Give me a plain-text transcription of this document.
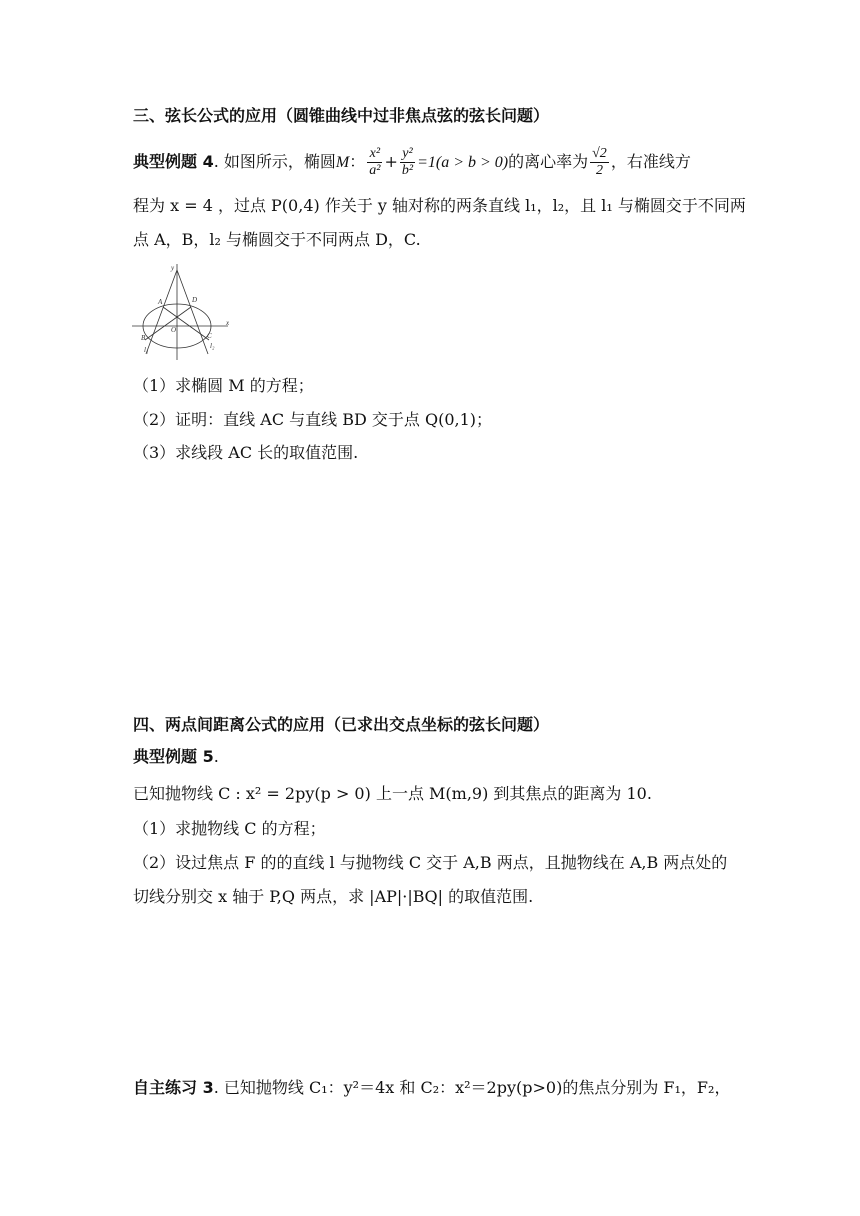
三、弦长公式的应用（圆锥曲线中过非焦点弦的弦长问题）
典型例题 4. 如图所示，椭圆M： $\frac{\text{x²}}{\text{a²}} + \frac{\text{y²}}{\text{b²}} =1(a > b > 0)$的离心率为 $\frac{√2}{2}$ ，右准线方
程为 x = 4 ，过点 P(0,4) 作关于 y 轴对称的两条直线 l₁，l₂，且 l₁ 与椭圆交于不同两
点 A，B，l₂ 与椭圆交于不同两点 D，C.
y
x
A	D
O
B	C
l₁	l₂
（1）求椭圆 M 的方程；
（2）证明：直线 AC 与直线 BD 交于点 Q(0,1)；
（3）求线段 AC 长的取值范围.
四、两点间距离公式的应用（已求出交点坐标的弦长问题）
典型例题 5.
已知抛物线 C : x² = 2py(p > 0) 上一点 M(m,9) 到其焦点的距离为 10.
（1）求抛物线 C 的方程；
（2）设过焦点 F 的的直线 l 与抛物线 C 交于 A,B 两点，且抛物线在 A,B 两点处的
切线分别交 x 轴于 P,Q 两点，求 |AP|·|BQ| 的取值范围.
自主练习 3. 已知抛物线 C₁：y²＝4x 和 C₂：x²＝2py(p>0)的焦点分别为 F₁，F₂，
